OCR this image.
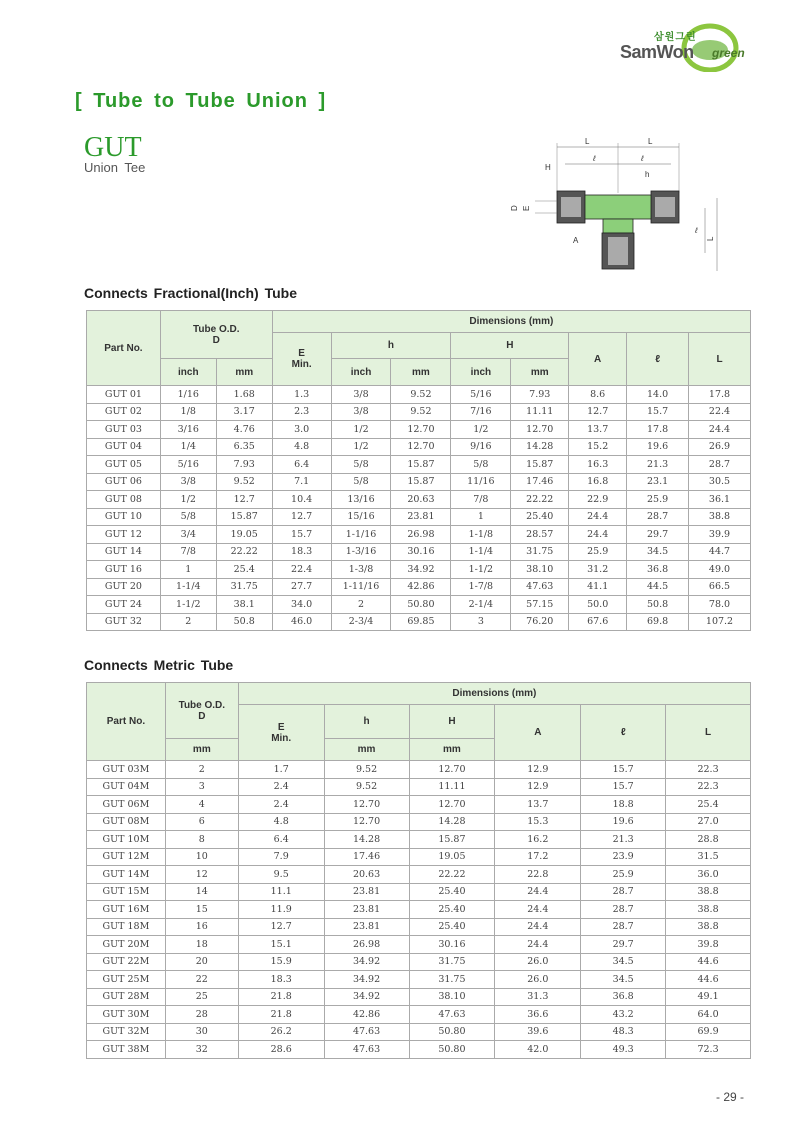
삼원그린
SamWon green
[ Tube to Tube Union ]
GUT
Union Tee
L	L
ℓ	ℓ
H
h
D E
A
ℓ
L
Connects Fractional(Inch) Tube
Part No.	Tube O.D.
D		Dimensions (mm)							
			E
Min.	h		H		A	ℓ	L
	inch	mm		inch	mm	inch	mm			
GUT 01	1/16	1.68	1.3	3/8	9.52	5/16	7.93	8.6	14.0	17.8
GUT 02	1/8	3.17	2.3	3/8	9.52	7/16	11.11	12.7	15.7	22.4
GUT 03	3/16	4.76	3.0	1/2	12.70	1/2	12.70	13.7	17.8	24.4
GUT 04	1/4	6.35	4.8	1/2	12.70	9/16	14.28	15.2	19.6	26.9
GUT 05	5/16	7.93	6.4	5/8	15.87	5/8	15.87	16.3	21.3	28.7
GUT 06	3/8	9.52	7.1	5/8	15.87	11/16	17.46	16.8	23.1	30.5
GUT 08	1/2	12.7	10.4	13/16	20.63	7/8	22.22	22.9	25.9	36.1
GUT 10	5/8	15.87	12.7	15/16	23.81	1	25.40	24.4	28.7	38.8
GUT 12	3/4	19.05	15.7	1-1/16	26.98	1-1/8	28.57	24.4	29.7	39.9
GUT 14	7/8	22.22	18.3	1-3/16	30.16	1-1/4	31.75	25.9	34.5	44.7
GUT 16	1	25.4	22.4	1-3/8	34.92	1-1/2	38.10	31.2	36.8	49.0
GUT 20	1-1/4	31.75	27.7	1-11/16	42.86	1-7/8	47.63	41.1	44.5	66.5
GUT 24	1-1/2	38.1	34.0	2	50.80	2-1/4	57.15	50.0	50.8	78.0
GUT 32	2	50.8	46.0	2-3/4	69.85	3	76.20	67.6	69.8	107.2
Connects Metric Tube
Part No.	Tube O.D.
D	Dimensions (mm)					
		E
Min.	h	H	A	ℓ	L
	mm		mm	mm			
GUT 03M	2	1.7	9.52	12.70	12.9	15.7	22.3
GUT 04M	3	2.4	9.52	11.11	12.9	15.7	22.3
GUT 06M	4	2.4	12.70	12.70	13.7	18.8	25.4
GUT 08M	6	4.8	12.70	14.28	15.3	19.6	27.0
GUT 10M	8	6.4	14.28	15.87	16.2	21.3	28.8
GUT 12M	10	7.9	17.46	19.05	17.2	23.9	31.5
GUT 14M	12	9.5	20.63	22.22	22.8	25.9	36.0
GUT 15M	14	11.1	23.81	25.40	24.4	28.7	38.8
GUT 16M	15	11.9	23.81	25.40	24.4	28.7	38.8
GUT 18M	16	12.7	23.81	25.40	24.4	28.7	38.8
GUT 20M	18	15.1	26.98	30.16	24.4	29.7	39.8
GUT 22M	20	15.9	34.92	31.75	26.0	34.5	44.6
GUT 25M	22	18.3	34.92	31.75	26.0	34.5	44.6
GUT 28M	25	21.8	34.92	38.10	31.3	36.8	49.1
GUT 30M	28	21.8	42.86	47.63	36.6	43.2	64.0
GUT 32M	30	26.2	47.63	50.80	39.6	48.3	69.9
GUT 38M	32	28.6	47.63	50.80	42.0	49.3	72.3
- 29 -
